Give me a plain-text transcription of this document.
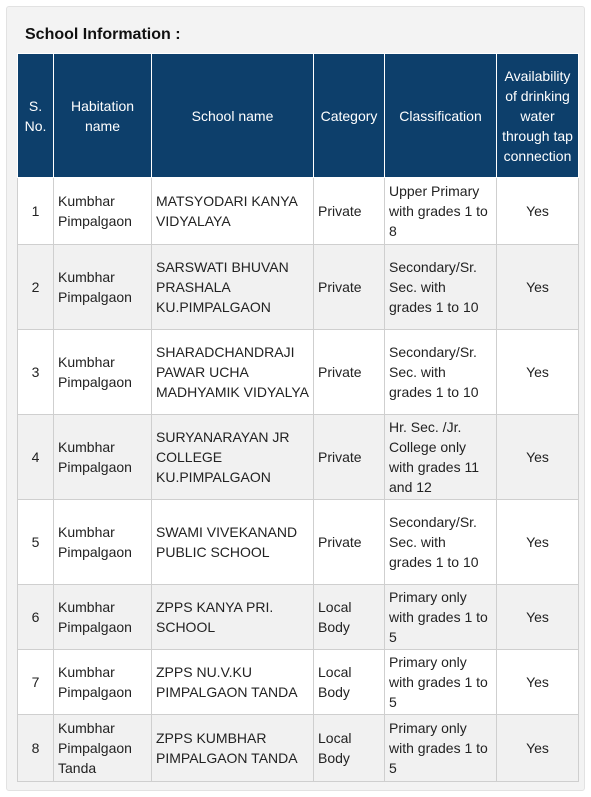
School Information :
S. No.	Habitation name	School name	Category	Classification	Availability of drinking water through tap connection
1	Kumbhar Pimpalgaon	MATSYODARI KANYA VIDYALAYA	Private	Upper Primary with grades 1 to 8	Yes
2	Kumbhar Pimpalgaon	SARSWATI BHUVAN PRASHALA KU.PIMPALGAON	Private	Secondary/Sr. Sec. with grades 1 to 10	Yes
3	Kumbhar Pimpalgaon	SHARADCHANDRAJI PAWAR UCHA MADHYAMIK VIDYALYA	Private	Secondary/Sr. Sec. with grades 1 to 10	Yes
4	Kumbhar Pimpalgaon	SURYANARAYAN JR COLLEGE KU.PIMPALGAON	Private	Hr. Sec. /Jr. College only with grades 11 and 12	Yes
5	Kumbhar Pimpalgaon	SWAMI VIVEKANAND PUBLIC SCHOOL	Private	Secondary/Sr. Sec. with grades 1 to 10	Yes
6	Kumbhar Pimpalgaon	ZPPS KANYA PRI. SCHOOL	Local Body	Primary only with grades 1 to 5	Yes
7	Kumbhar Pimpalgaon	ZPPS NU.V.KU PIMPALGAON TANDA	Local Body	Primary only with grades 1 to 5	Yes
8	Kumbhar Pimpalgaon Tanda	ZPPS KUMBHAR PIMPALGAON TANDA	Local Body	Primary only with grades 1 to 5	Yes
